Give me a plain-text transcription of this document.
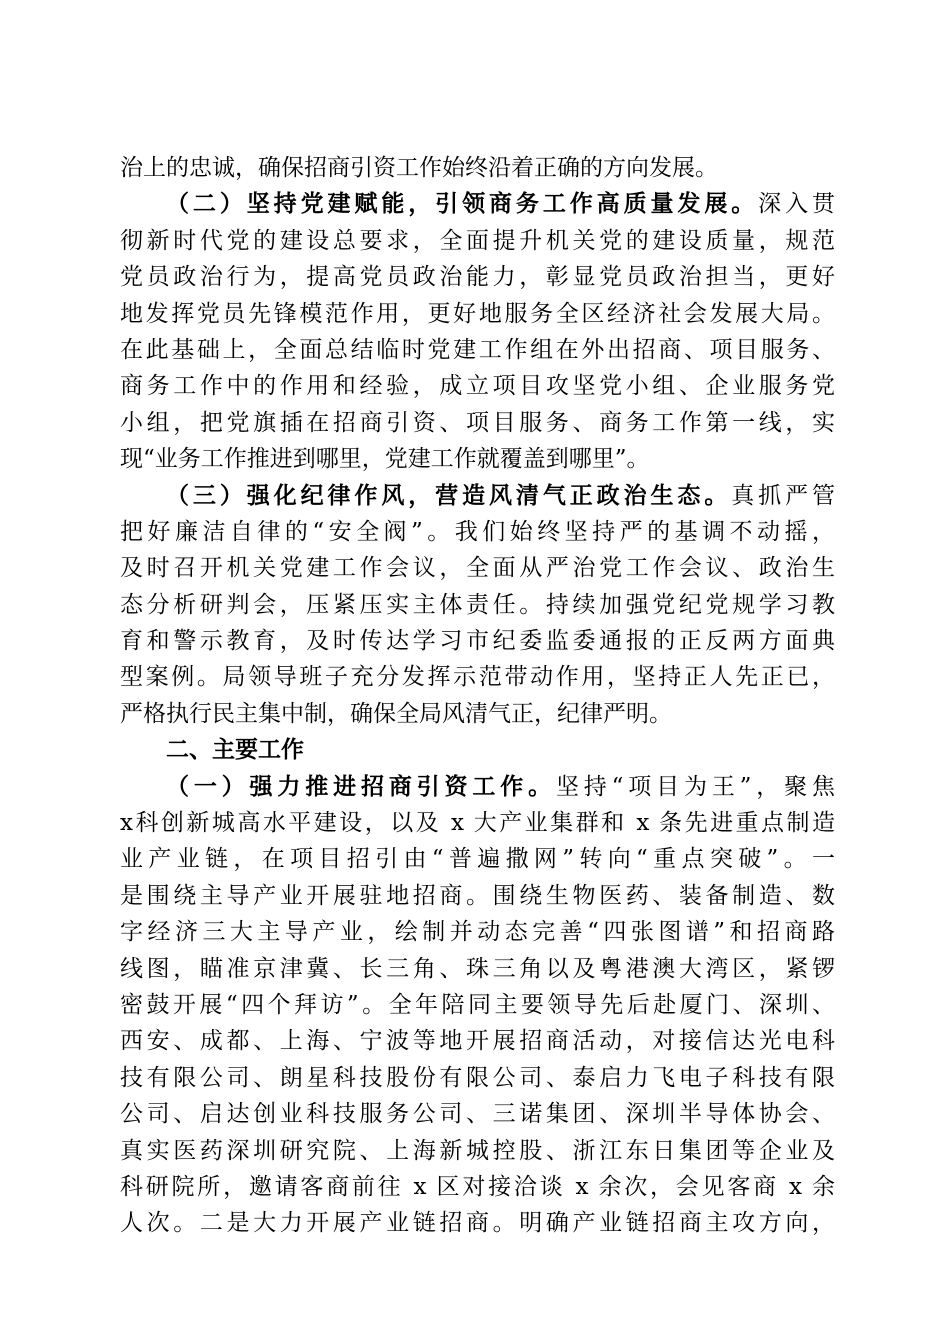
治上的忠诚，确保招商引资工作始终沿着正确的方向发展。
（二）坚持党建赋能，引领商务工作高质量发展。深入贯
彻新时代党的建设总要求，全面提升机关党的建设质量，规范
党员政治行为，提高党员政治能力，彰显党员政治担当，更好
地发挥党员先锋模范作用，更好地服务全区经济社会发展大局。
在此基础上，全面总结临时党建工作组在外出招商、项目服务、
商务工作中的作用和经验，成立项目攻坚党小组、企业服务党
小组，把党旗插在招商引资、项目服务、商务工作第一线，实
现“业务工作推进到哪里，党建工作就覆盖到哪里”。
（三）强化纪律作风，营造风清气正政治生态。真抓严管
把好廉洁自律的“安全阀”。我们始终坚持严的基调不动摇，
及时召开机关党建工作会议，全面从严治党工作会议、政治生
态分析研判会，压紧压实主体责任。持续加强党纪党规学习教
育和警示教育，及时传达学习市纪委监委通报的正反两方面典
型案例。局领导班子充分发挥示范带动作用，坚持正人先正已，
严格执行民主集中制，确保全局风清气正，纪律严明。
二、主要工作
（一）强力推进招商引资工作。坚持“项目为王”，聚焦
x科创新城高水平建设，以及 x 大产业集群和 x 条先进重点制造
业产业链，在项目招引由“普遍撒网”转向“重点突破”。一
是围绕主导产业开展驻地招商。围绕生物医药、装备制造、数
字经济三大主导产业，绘制并动态完善“四张图谱”和招商路
线图，瞄准京津冀、长三角、珠三角以及粤港澳大湾区，紧锣
密鼓开展“四个拜访”。全年陪同主要领导先后赴厦门、深圳、
西安、成都、上海、宁波等地开展招商活动，对接信达光电科
技有限公司、朗星科技股份有限公司、泰启力飞电子科技有限
公司、启达创业科技服务公司、三诺集团、深圳半导体协会、
真实医药深圳研究院、上海新城控股、浙江东日集团等企业及
科研院所，邀请客商前往 x 区对接洽谈 x 余次，会见客商 x 余
人次。二是大力开展产业链招商。明确产业链招商主攻方向，
